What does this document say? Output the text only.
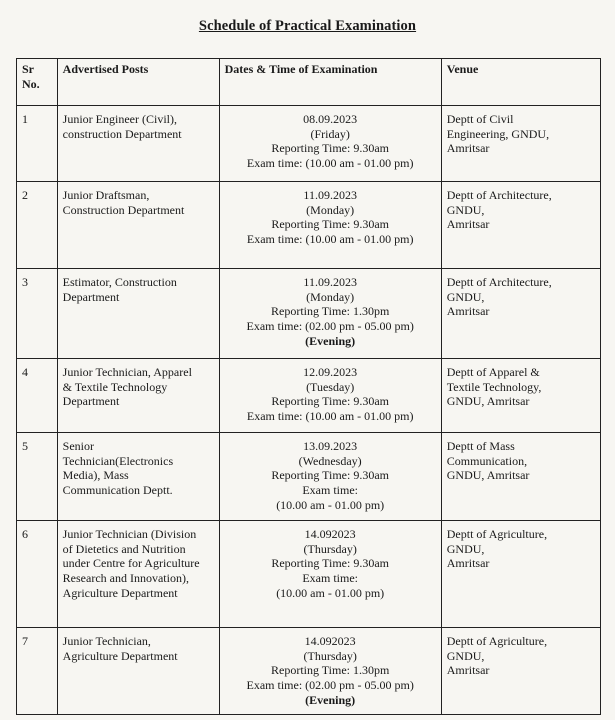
Schedule of Practical Examination
Sr
No.	Advertised Posts	Dates & Time of Examination	Venue
1	Junior Engineer (Civil),
construction Department	08.09.2023
(Friday)
Reporting Time: 9.30am
Exam time: (10.00 am - 01.00 pm)	Deptt of Civil
Engineering, GNDU,
Amritsar

2	Junior Draftsman,
Construction Department	11.09.2023
(Monday)
Reporting Time: 9.30am
Exam time: (10.00 am - 01.00 pm)	Deptt of Architecture,
GNDU,
Amritsar

3	Estimator, Construction
Department	11.09.2023
(Monday)
Reporting Time: 1.30pm
Exam time: (02.00 pm - 05.00 pm)
(Evening)	Deptt of Architecture,
GNDU,
Amritsar

4	Junior Technician, Apparel
& Textile Technology
Department	12.09.2023
(Tuesday)
Reporting Time: 9.30am
Exam time: (10.00 am - 01.00 pm)	Deptt of Apparel &
Textile Technology,
GNDU, Amritsar

5	Senior
Technician(Electronics
Media), Mass
Communication Deptt.	13.09.2023
(Wednesday)
Reporting Time: 9.30am
Exam time:
(10.00 am - 01.00 pm)	Deptt of Mass
Communication,
GNDU, Amritsar

6	Junior Technician (Division
of Dietetics and Nutrition
under Centre for Agriculture
Research and Innovation),
Agriculture Department	14.092023
(Thursday)
Reporting Time: 9.30am
Exam time:
(10.00 am - 01.00 pm)	Deptt of Agriculture,
GNDU,
Amritsar

7	Junior Technician,
Agriculture Department	14.092023
(Thursday)
Reporting Time: 1.30pm
Exam time: (02.00 pm - 05.00 pm)
(Evening)	Deptt of Agriculture,
GNDU,
Amritsar
